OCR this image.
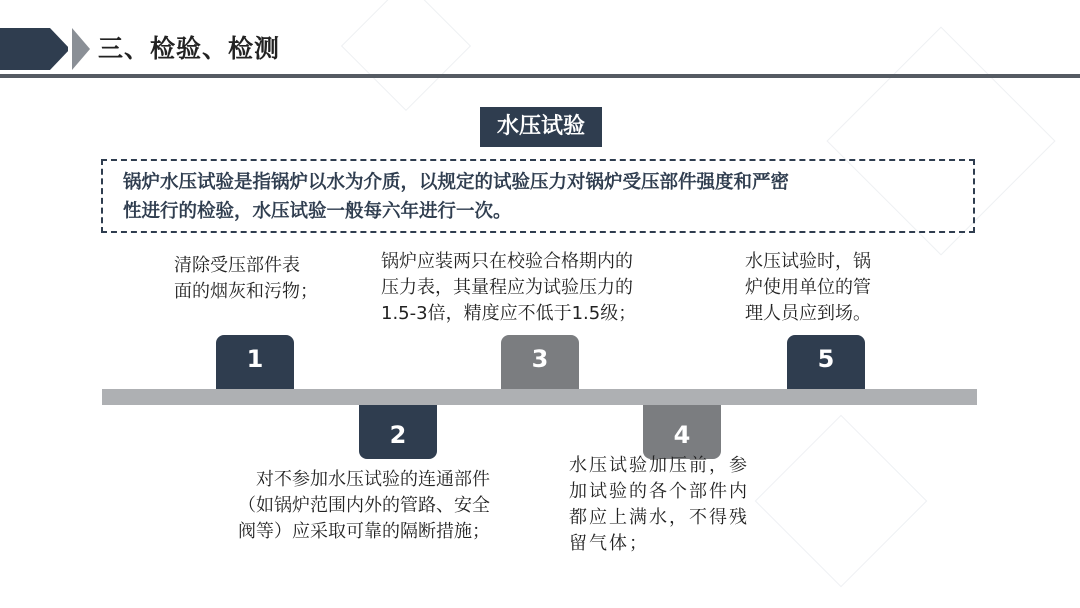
三、检验、检测
水压试验
锅炉水压试验是指锅炉以水为介质，以规定的试验压力对锅炉受压部件强度和严密
性进行的检验，水压试验一般每六年进行一次。
1
2
3
4
5
清除受压部件表
面的烟灰和污物；
锅炉应装两只在校验合格期内的
压力表，其量程应为试验压力的
1.5-3倍，精度应不低于1.5级；
水压试验时，锅
炉使用单位的管
理人员应到场。
对不参加水压试验的连通部件
（如锅炉范围内外的管路、安全
阀等）应采取可靠的隔断措施；
水压试验加压前，参
加试验的各个部件内
都应上满水，不得残
留气体；
